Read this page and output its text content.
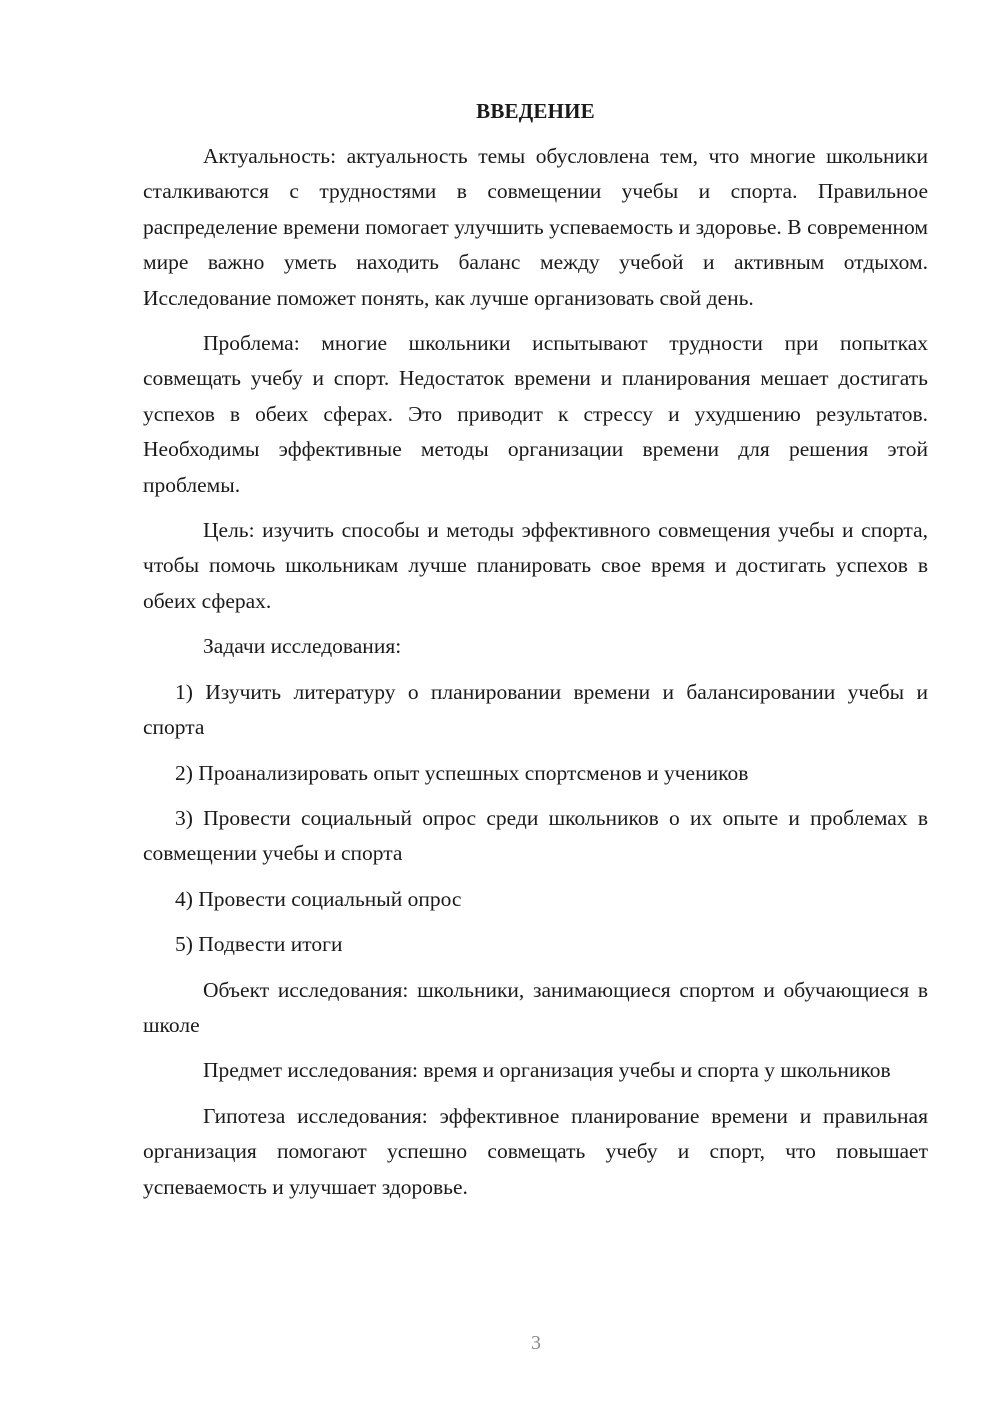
ВВЕДЕНИЕ

Актуальность: актуальность темы обусловлена тем, что многие школьники сталкиваются с трудностями в совмещении учебы и спорта. Правильное распределение времени помогает улучшить успеваемость и здоровье. В современном мире важно уметь находить баланс между учебой и активным отдыхом. Исследование поможет понять, как лучше организовать свой день.

Проблема: многие школьники испытывают трудности при попытках совмещать учебу и спорт. Недостаток времени и планирования мешает достигать успехов в обеих сферах. Это приводит к стрессу и ухудшению результатов. Необходимы эффективные методы организации времени для решения этой проблемы.

Цель: изучить способы и методы эффективного совмещения учебы и спорта, чтобы помочь школьникам лучше планировать свое время и достигать успехов в обеих сферах.

Задачи исследования:

1) Изучить литературу о планировании времени и балансировании учебы и спорта

2) Проанализировать опыт успешных спортсменов и учеников

3) Провести социальный опрос среди школьников о их опыте и проблемах в совмещении учебы и спорта

4) Провести социальный опрос

5) Подвести итоги

Объект исследования: школьники, занимающиеся спортом и обучающиеся в школе

Предмет исследования: время и организация учебы и спорта у школьников

Гипотеза исследования: эффективное планирование времени и правильная организация помогают успешно совмещать учебу и спорт, что повышает успеваемость и улучшает здоровье.

3
